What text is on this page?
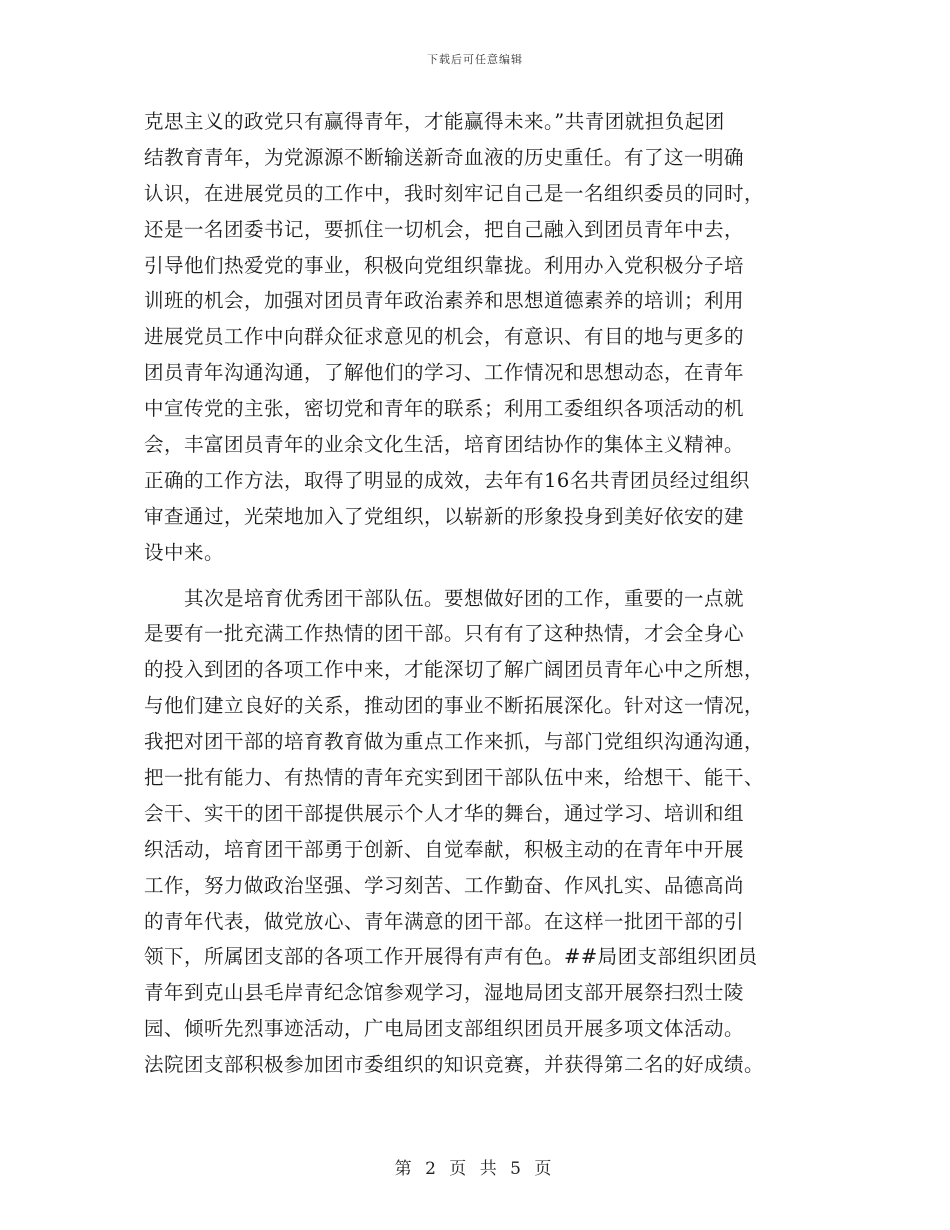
下载后可任意编辑
克思主义的政党只有赢得青年，才能赢得未来。”共青团就担负起团
结教育青年，为党源源不断输送新奇血液的历史重任。有了这一明确
认识，在进展党员的工作中，我时刻牢记自己是一名组织委员的同时，
还是一名团委书记，要抓住一切机会，把自己融入到团员青年中去，
引导他们热爱党的事业，积极向党组织靠拢。利用办入党积极分子培
训班的机会，加强对团员青年政治素养和思想道德素养的培训；利用
进展党员工作中向群众征求意见的机会，有意识、有目的地与更多的
团员青年沟通沟通，了解他们的学习、工作情况和思想动态，在青年
中宣传党的主张，密切党和青年的联系；利用工委组织各项活动的机
会，丰富团员青年的业余文化生活，培育团结协作的集体主义精神。
正确的工作方法，取得了明显的成效，去年有16名共青团员经过组织
审查通过，光荣地加入了党组织，以崭新的形象投身到美好依安的建
设中来。
其次是培育优秀团干部队伍。要想做好团的工作，重要的一点就
是要有一批充满工作热情的团干部。只有有了这种热情，才会全身心
的投入到团的各项工作中来，才能深切了解广阔团员青年心中之所想，
与他们建立良好的关系，推动团的事业不断拓展深化。针对这一情况，
我把对团干部的培育教育做为重点工作来抓，与部门党组织沟通沟通，
把一批有能力、有热情的青年充实到团干部队伍中来，给想干、能干、
会干、实干的团干部提供展示个人才华的舞台，通过学习、培训和组
织活动，培育团干部勇于创新、自觉奉献，积极主动的在青年中开展
工作，努力做政治坚强、学习刻苦、工作勤奋、作风扎实、品德高尚
的青年代表，做党放心、青年满意的团干部。在这样一批团干部的引
领下，所属团支部的各项工作开展得有声有色。##局团支部组织团员
青年到克山县毛岸青纪念馆参观学习，湿地局团支部开展祭扫烈士陵
园、倾听先烈事迹活动，广电局团支部组织团员开展多项文体活动。
法院团支部积极参加团市委组织的知识竞赛，并获得第二名的好成绩。
第 2 页 共 5 页
